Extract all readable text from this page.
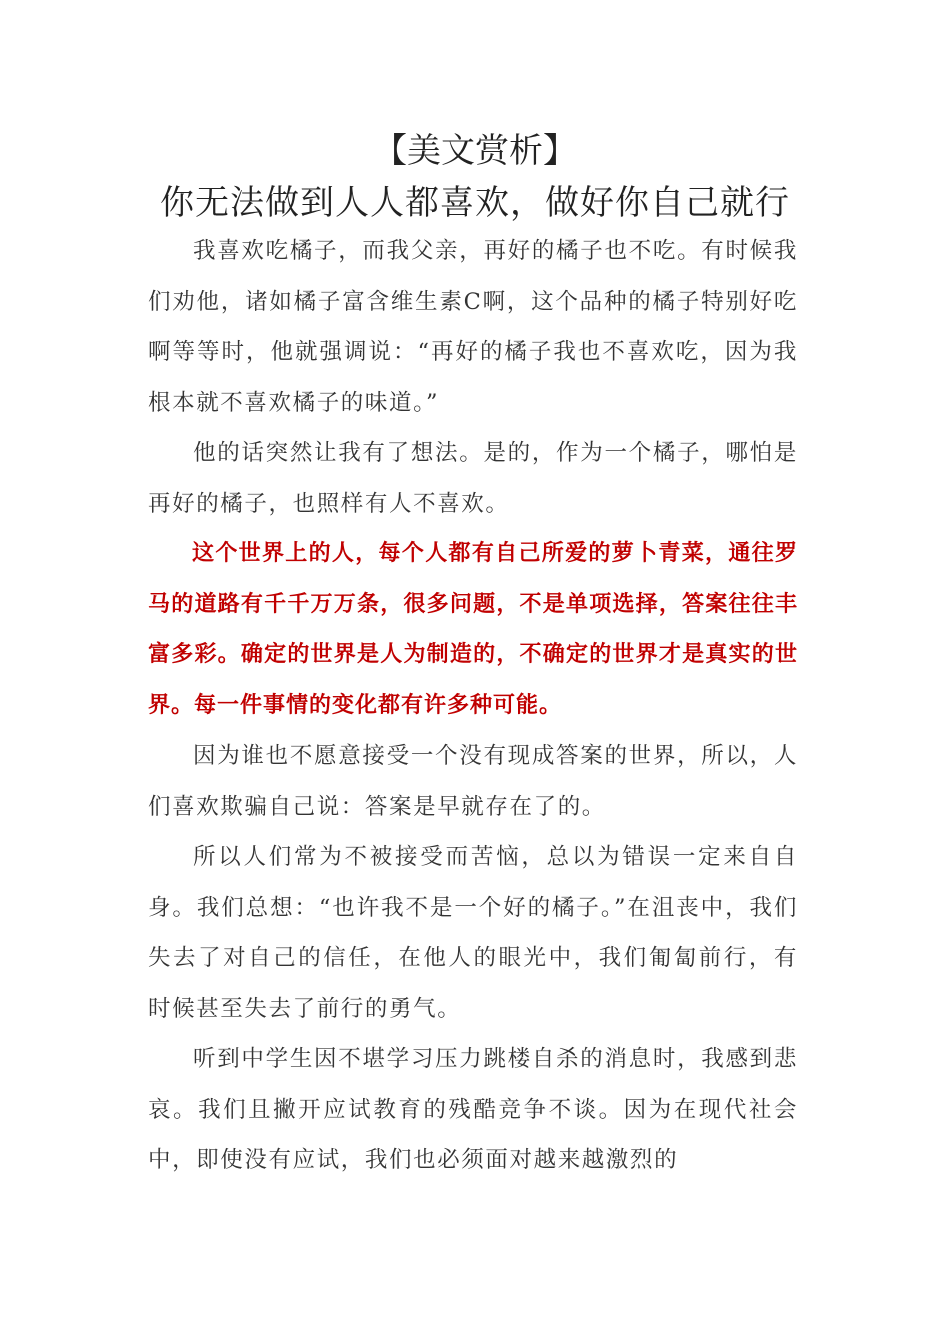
【美文赏析】
你无法做到人人都喜欢，做好你自己就行

我喜欢吃橘子，而我父亲，再好的橘子也不吃。有时候我们劝他，诸如橘子富含维生素C啊，这个品种的橘子特别好吃啊等等时，他就强调说：“再好的橘子我也不喜欢吃，因为我根本就不喜欢橘子的味道。”

他的话突然让我有了想法。是的，作为一个橘子，哪怕是再好的橘子，也照样有人不喜欢。

这个世界上的人，每个人都有自己所爱的萝卜青菜，通往罗马的道路有千千万万条，很多问题，不是单项选择，答案往往丰富多彩。确定的世界是人为制造的，不确定的世界才是真实的世界。每一件事情的变化都有许多种可能。

因为谁也不愿意接受一个没有现成答案的世界，所以，人们喜欢欺骗自己说：答案是早就存在了的。

所以人们常为不被接受而苦恼，总以为错误一定来自自身。我们总想：“也许我不是一个好的橘子。”在沮丧中，我们失去了对自己的信任，在他人的眼光中，我们匍匐前行，有时候甚至失去了前行的勇气。

听到中学生因不堪学习压力跳楼自杀的消息时，我感到悲哀。我们且撇开应试教育的残酷竞争不谈。因为在现代社会中，即使没有应试，我们也必须面对越来越激烈的
